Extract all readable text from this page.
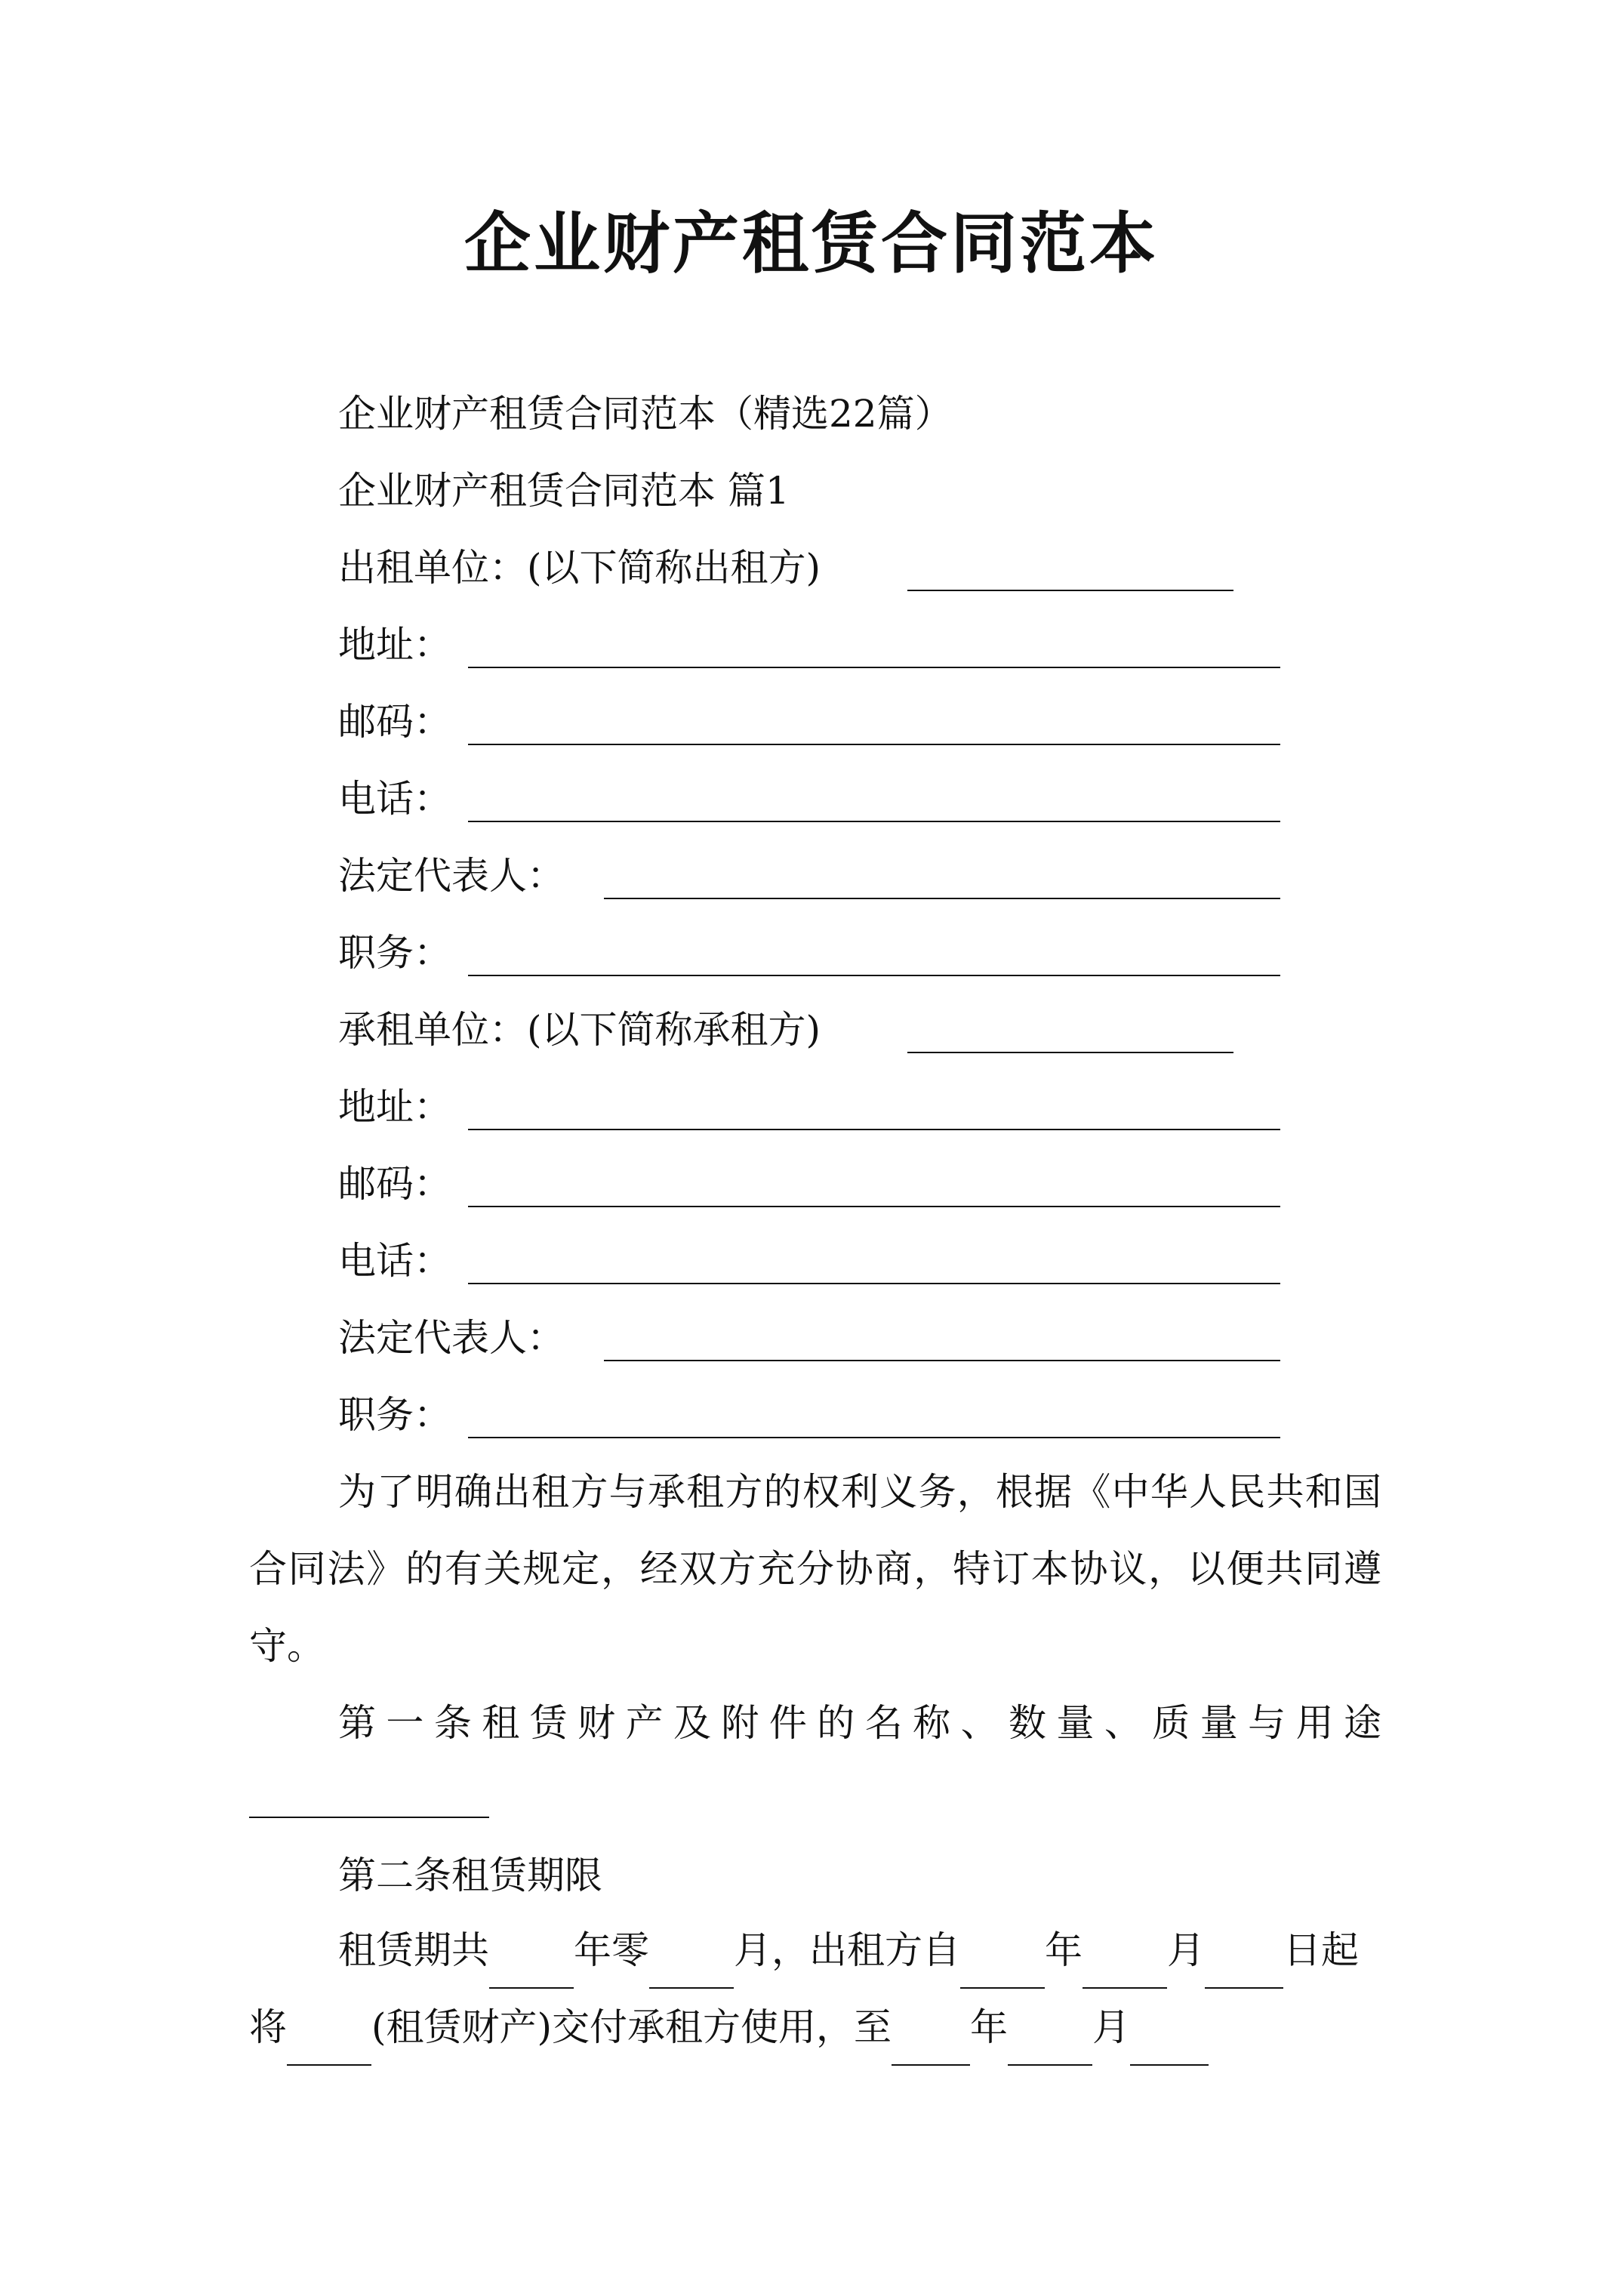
企业财产租赁合同范本
企业财产租赁合同范本（精选22篇）
企业财产租赁合同范本 篇1
出租单位：(以下简称出租方)
地址：
邮码：
电话：
法定代表人：
职务：
承租单位：(以下简称承租方)
地址：
邮码：
电话：
法定代表人：
职务：
为了明确出租方与承租方的权利义务，根据《中华人民共和国合同法》的有关规定，经双方充分协商，特订本协议，以便共同遵守。
第一条租赁财产及附件的名称、数量、质量与用途
第二条租赁期限
租赁期共 年零 月，出租方自 年 月 日起将 (租赁财产)交付承租方使用，至 年 月
